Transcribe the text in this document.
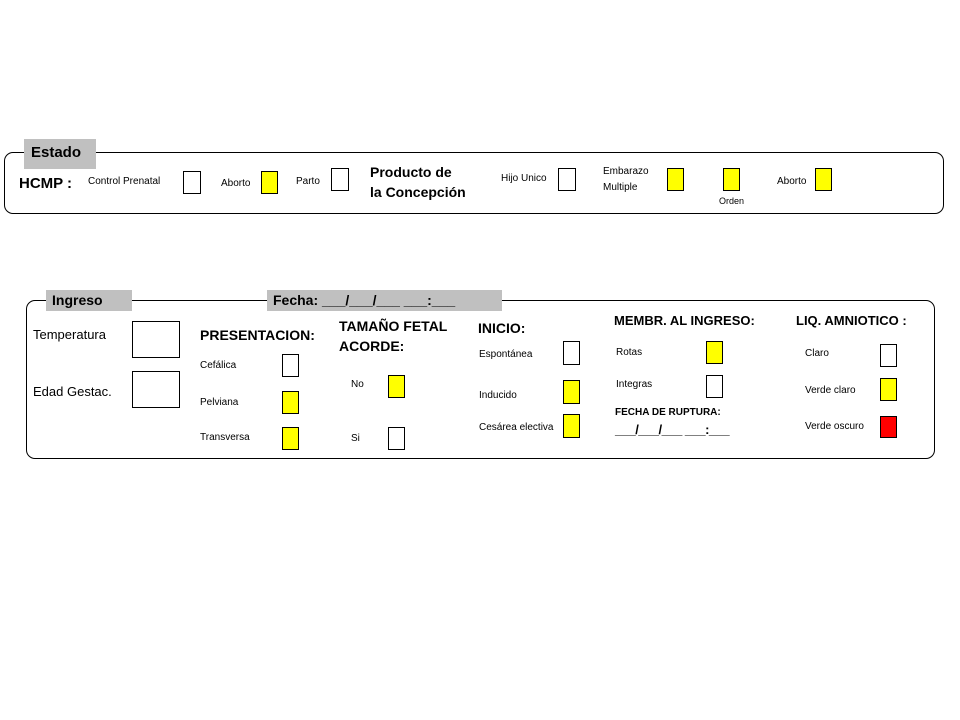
Estado
HCMP : Control Prenatal	Aborto	Parto
Producto de
la Concepción
Hijo Unico
Embarazo
Multiple
Orden
Aborto
Ingreso	Fecha: ___/___/___ ___:___
Temperatura
Edad Gestac.
PRESENTACION:
Cefálica
Pelviana
Transversa
TAMAÑO FETAL
ACORDE:
No
Si
INICIO:
Espontánea
Inducido
Cesárea electiva
MEMBR. AL INGRESO:
Rotas
Integras
FECHA DE RUPTURA:
___/___/___ ___:___
LIQ. AMNIOTICO :
Claro
Verde claro
Verde oscuro
